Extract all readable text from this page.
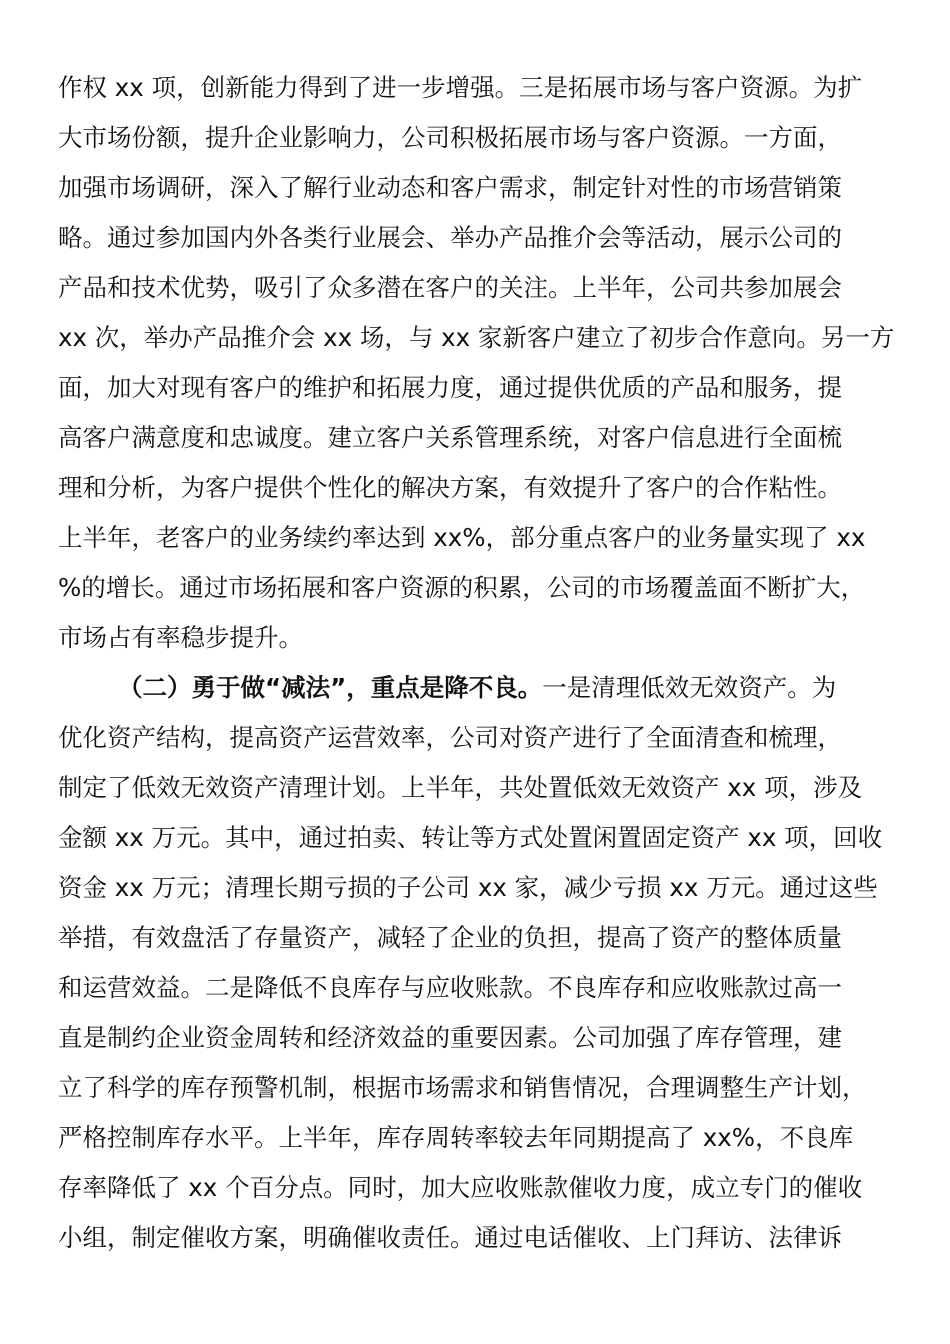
作权 xx 项，创新能力得到了进一步增强。三是拓展市场与客户资源。为扩
大市场份额，提升企业影响力，公司积极拓展市场与客户资源。一方面，
加强市场调研，深入了解行业动态和客户需求，制定针对性的市场营销策
略。通过参加国内外各类行业展会、举办产品推介会等活动，展示公司的
产品和技术优势，吸引了众多潜在客户的关注。上半年，公司共参加展会
xx 次，举办产品推介会 xx 场，与 xx 家新客户建立了初步合作意向。另一方
面，加大对现有客户的维护和拓展力度，通过提供优质的产品和服务，提
高客户满意度和忠诚度。建立客户关系管理系统，对客户信息进行全面梳
理和分析，为客户提供个性化的解决方案，有效提升了客户的合作粘性。
上半年，老客户的业务续约率达到 xx%，部分重点客户的业务量实现了 xx
%的增长。通过市场拓展和客户资源的积累，公司的市场覆盖面不断扩大，
市场占有率稳步提升。
（二）勇于做“减法”，重点是降不良。一是清理低效无效资产。为
优化资产结构，提高资产运营效率，公司对资产进行了全面清查和梳理，
制定了低效无效资产清理计划。上半年，共处置低效无效资产 xx 项，涉及
金额 xx 万元。其中，通过拍卖、转让等方式处置闲置固定资产 xx 项，回收
资金 xx 万元；清理长期亏损的子公司 xx 家，减少亏损 xx 万元。通过这些
举措，有效盘活了存量资产，减轻了企业的负担，提高了资产的整体质量
和运营效益。二是降低不良库存与应收账款。不良库存和应收账款过高一
直是制约企业资金周转和经济效益的重要因素。公司加强了库存管理，建
立了科学的库存预警机制，根据市场需求和销售情况，合理调整生产计划，
严格控制库存水平。上半年，库存周转率较去年同期提高了 xx%，不良库
存率降低了 xx 个百分点。同时，加大应收账款催收力度，成立专门的催收
小组，制定催收方案，明确催收责任。通过电话催收、上门拜访、法律诉
